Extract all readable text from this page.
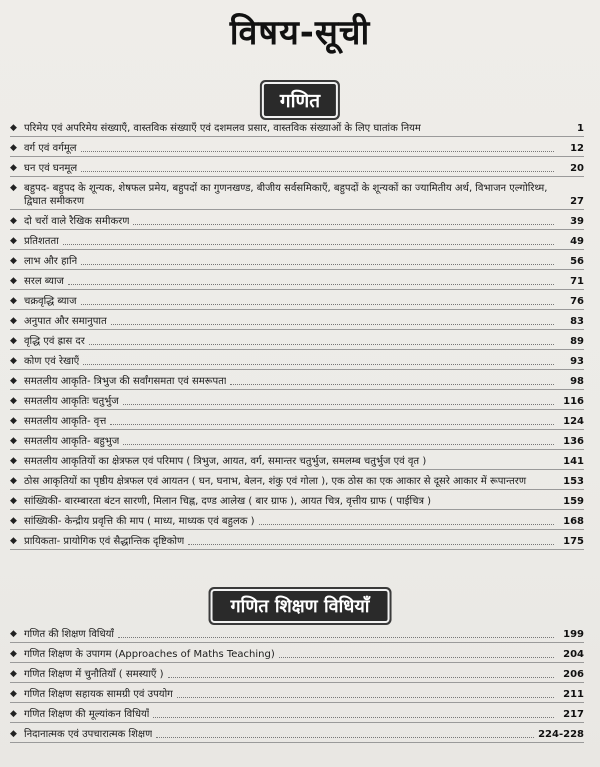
विषय-सूची
गणित
◆ परिमेय एवं अपरिमेय संख्याएँ, वास्तविक संख्याएँ एवं दशमलव प्रसार, वास्तविक संख्याओं के लिए घातांक नियम	1
◆ वर्ग एवं वर्गमूल	12
◆ घन एवं घनमूल	20
◆ बहुपद- बहुपद के शून्यक, शेषफल प्रमेय, बहुपदों का गुणनखण्ड, बीजीय सर्वसमिकाएँ, बहुपदों के शून्यकों का ज्यामितीय अर्थ, विभाजन एल्गोरिथ्म, द्विघात समीकरण	27
◆ दो चरों वाले रैखिक समीकरण	39
◆ प्रतिशतता	49
◆ लाभ और हानि	56
◆ सरल ब्याज	71
◆ चक्रवृद्धि ब्याज	76
◆ अनुपात और समानुपात	83
◆ वृद्धि एवं ह्रास दर	89
◆ कोण एवं रेखाएँ	93
◆ समतलीय आकृति- त्रिभुज की सर्वांगसमता एवं समरूपता	98
◆ समतलीय आकृतिः चतुर्भुज	116
◆ समतलीय आकृति- वृत्त	124
◆ समतलीय आकृति- बहुभुज	136
◆ समतलीय आकृतियों का क्षेत्रफल एवं परिमाप ( त्रिभुज, आयत, वर्ग, समान्तर चतुर्भुज, समलम्ब चतुर्भुज एवं वृत )	141
◆ ठोस आकृतियों का पृष्ठीय क्षेत्रफल एवं आयतन ( घन, घनाभ, बेलन, शंकु एवं गोला ), एक ठोस का एक आकार से दूसरे आकार में रूपान्तरण	153
◆ सांख्यिकी- बारम्बारता बंटन सारणी, मिलान चिह्न, दण्ड आलेख ( बार ग्राफ ), आयत चित्र, वृत्तीय ग्राफ ( पाईचित्र )	159
◆ सांख्यिकी- केन्द्रीय प्रवृत्ति की माप ( माध्य, माध्यक एवं बहुलक )	168
◆ प्रायिकता- प्रायोगिक एवं सैद्धान्तिक दृष्टिकोण	175
गणित शिक्षण विधियाँ
◆ गणित की शिक्षण विधियाँ	199
◆ गणित शिक्षण के उपागम (Approaches of Maths Teaching)	204
◆ गणित शिक्षण में चुनौतियाँ ( समस्याएँ )	206
◆ गणित शिक्षण सहायक सामग्री एवं उपयोग	211
◆ गणित शिक्षण की मूल्यांकन विधियाँ	217
◆ निदानात्मक एवं उपचारात्मक शिक्षण	224-228
